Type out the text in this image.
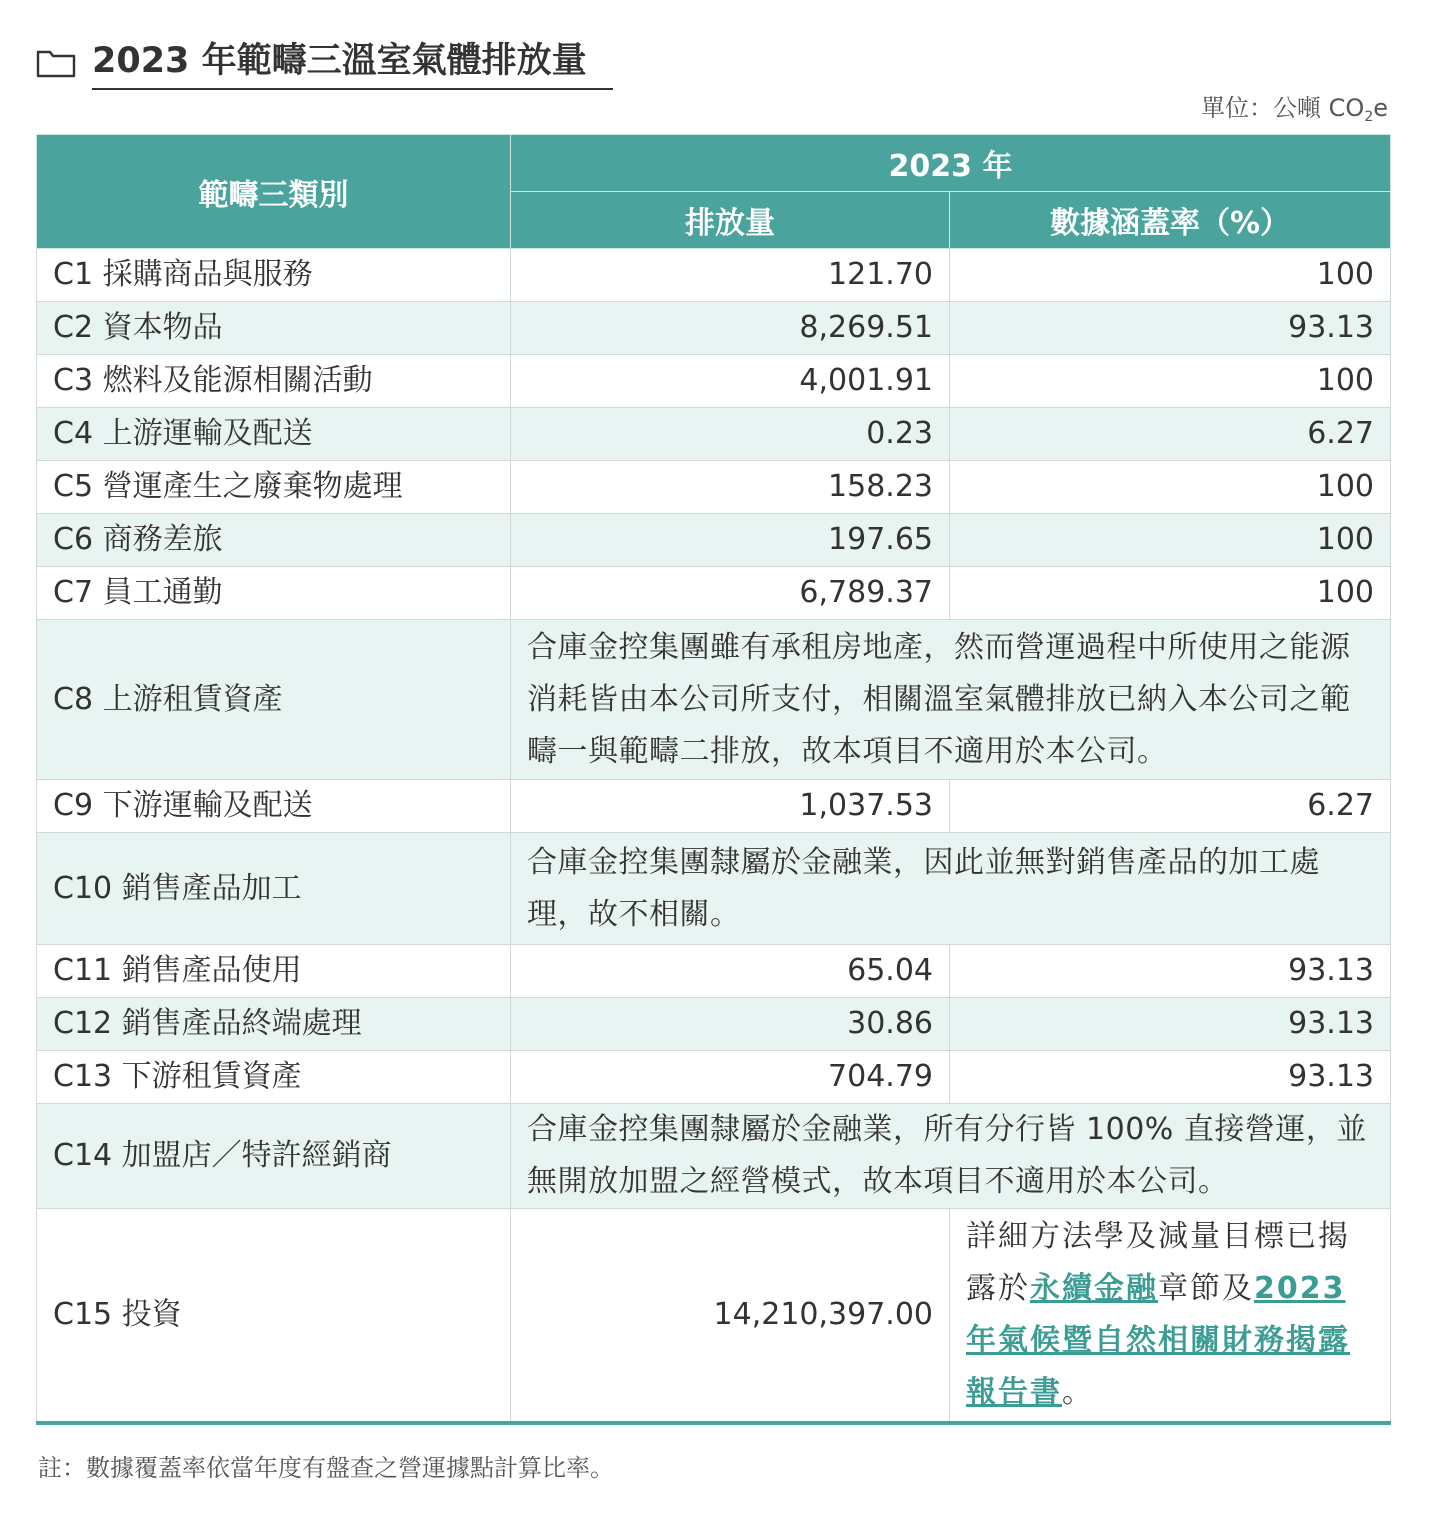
2023 年範疇三溫室氣體排放量
單位：公噸 $CO_2e$
範疇三類別	2023 年	
	排放量	數據涵蓋率（%）
C1 採購商品與服務	121.70	100
C2 資本物品	8,269.51	93.13
C3 燃料及能源相關活動	4,001.91	100
C4 上游運輸及配送	0.23	6.27
C5 營運產生之廢棄物處理	158.23	100
C6 商務差旅	197.65	100
C7 員工通勤	6,789.37	100
C8 上游租賃資產	合庫金控集團雖有承租房地產，然而營運過程中所使用之能源消耗皆由本公司所支付，相關溫室氣體排放已納入本公司之範疇一與範疇二排放，故本項目不適用於本公司。	
C9 下游運輸及配送	1,037.53	6.27
C10 銷售產品加工	合庫金控集團隸屬於金融業，因此並無對銷售產品的加工處理，故不相關。	
C11 銷售產品使用	65.04	93.13
C12 銷售產品終端處理	30.86	93.13
C13 下游租賃資產	704.79	93.13
C14 加盟店／特許經銷商	合庫金控集團隸屬於金融業，所有分行皆 100% 直接營運，並無開放加盟之經營模式，故本項目不適用於本公司。	
C15 投資	14,210,397.00	詳細方法學及減量目標已揭露於永續金融章節及2023 年氣候暨自然相關財務揭露報告書。
註：數據覆蓋率依當年度有盤查之營運據點計算比率。
